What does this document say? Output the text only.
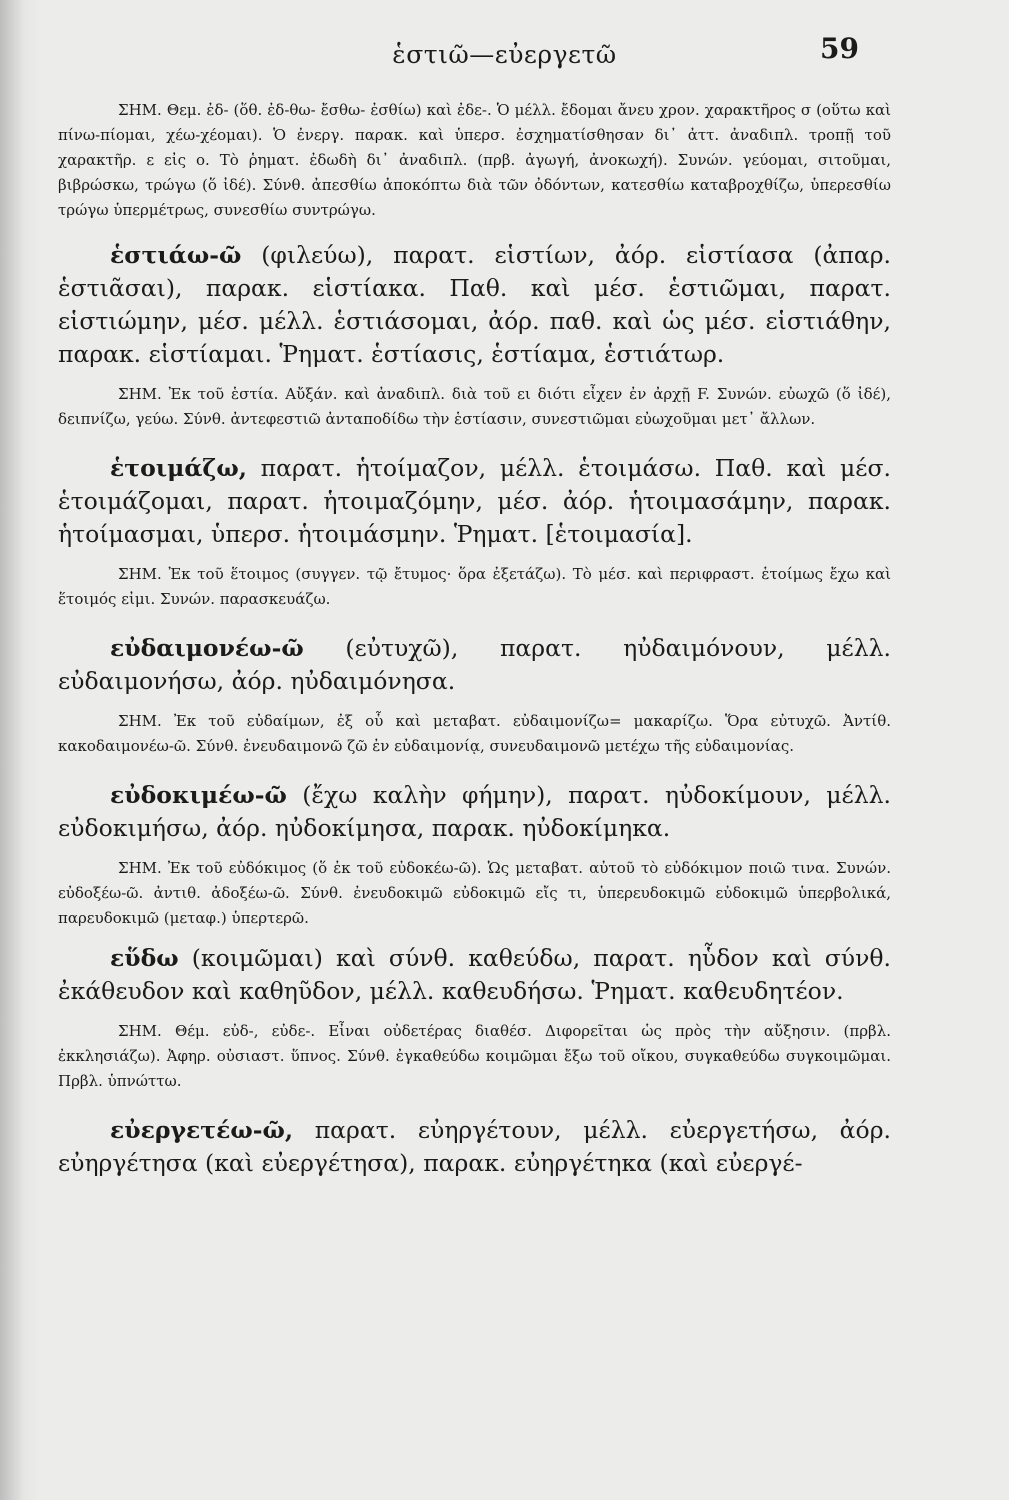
ἑστιῶ—εὐεργετῶ	59

ΣΗΜ. Θεμ. ἐδ- (ὅθ. ἐδ-θω- ἔσθω- ἐσθίω) καὶ ἐδε-. Ὁ μέλλ. ἔδομαι ἄνευ χρον. χαρακτῆρος σ (οὕτω καὶ πίνω-πίομαι, χέω-χέομαι). Ὁ ἐνεργ. παρακ. καὶ ὑπερσ. ἐσχηματίσθησαν δι᾽ ἀττ. ἀναδιπλ. τροπῇ τοῦ χαρακτῆρ. ε εἰς ο. Τὸ ῥηματ. ἐδωδὴ δι᾽ ἀναδιπλ. (πρβ. ἀγωγή, ἀνοκωχή). Συνών. γεύομαι, σιτοῦμαι, βιβρώσκω, τρώγω (ὅ ἰδέ). Σύνθ. ἀπεσθίω ἀποκόπτω διὰ τῶν ὀδόντων, κατεσθίω καταβροχθίζω, ὑπερεσθίω τρώγω ὑπερμέτρως, συνεσθίω συντρώγω.

ἑστιάω-ῶ (φιλεύω), παρατ. εἱστίων, ἀόρ. εἱστίασα (ἀπαρ. ἑστιᾶσαι), παρακ. εἱστίακα. Παθ. καὶ μέσ. ἑστιῶμαι, παρατ. εἱστιώμην, μέσ. μέλλ. ἑστιάσομαι, ἀόρ. παθ. καὶ ὡς μέσ. εἱστιάθην, παρακ. εἱστίαμαι. Ῥηματ. ἑστίασις, ἑστίαμα, ἑστιάτωρ.

ΣΗΜ. Ἐκ τοῦ ἑστία. Αὔξάν. καὶ ἀναδιπλ. διὰ τοῦ ει διότι εἶχεν ἐν ἀρχῇ F. Συνών. εὐωχῶ (ὅ ἰδέ), δειπνίζω, γεύω. Σύνθ. ἀντεφεστιῶ ἀνταποδίδω τὴν ἑστίασιν, συνεστιῶμαι εὐωχοῦμαι μετ᾽ ἄλλων.

ἑτοιμάζω, παρατ. ἡτοίμαζον, μέλλ. ἑτοιμάσω. Παθ. καὶ μέσ. ἑτοιμάζομαι, παρατ. ἡτοιμαζόμην, μέσ. ἀόρ. ἡτοιμασάμην, παρακ. ἡτοίμασμαι, ὑπερσ. ἡτοιμάσμην. Ῥηματ. [ἑτοιμασία].

ΣΗΜ. Ἐκ τοῦ ἕτοιμος (συγγεν. τῷ ἔτυμος· ὅρα ἐξετάζω). Τὸ μέσ. καὶ περιφραστ. ἑτοίμως ἔχω καὶ ἕτοιμός εἰμι. Συνών. παρασκευάζω.

εὐδαιμονέω-ῶ (εὐτυχῶ), παρατ. ηὐδαιμόνουν, μέλλ. εὐδαιμονήσω, ἀόρ. ηὐδαιμόνησα.

ΣΗΜ. Ἐκ τοῦ εὐδαίμων, ἐξ οὗ καὶ μεταβατ. εὐδαιμονίζω= μακαρίζω. Ὅρα εὐτυχῶ. Ἀντίθ. κακοδαιμονέω-ῶ. Σύνθ. ἐνευδαιμονῶ ζῶ ἐν εὐδαιμονίᾳ, συνευδαιμονῶ μετέχω τῆς εὐδαιμονίας.

εὐδοκιμέω-ῶ (ἔχω καλὴν φήμην), παρατ. ηὐδοκίμουν, μέλλ. εὐδοκιμήσω, ἀόρ. ηὐδοκίμησα, παρακ. ηὐδοκίμηκα.

ΣΗΜ. Ἐκ τοῦ εὐδόκιμος (ὅ ἐκ τοῦ εὐδοκέω-ῶ). Ὡς μεταβατ. αὐτοῦ τὸ εὐδόκιμον ποιῶ τινα. Συνών. εὐδοξέω-ῶ. ἀντιθ. ἀδοξέω-ῶ. Σύνθ. ἐνευδοκιμῶ εὐδοκιμῶ εἴς τι, ὑπερευδοκιμῶ εὐδοκιμῶ ὑπερβολικά, παρευδοκιμῶ (μεταφ.) ὑπερτερῶ.

εὕδω (κοιμῶμαι) καὶ σύνθ. καθεύδω, παρατ. ηὗδον καὶ σύνθ. ἐκάθευδον καὶ καθηῦδον, μέλλ. καθευδήσω. Ῥηματ. καθευδητέον.

ΣΗΜ. Θέμ. εὐδ-, εὐδε-. Εἶναι οὐδετέρας διαθέσ. Διφορεῖται ὡς πρὸς τὴν αὔξησιν. (πρβλ. ἐκκλησιάζω). Ἀφηρ. οὐσιαστ. ὕπνος. Σύνθ. ἐγκαθεύδω κοιμῶμαι ἔξω τοῦ οἴκου, συγκαθεύδω συγκοιμῶμαι. Πρβλ. ὑπνώττω.

εὐεργετέω-ῶ, παρατ. εὐηργέτουν, μέλλ. εὐεργετήσω, ἀόρ. εὐηργέτησα (καὶ εὐεργέτησα), παρακ. εὐηργέτηκα (καὶ εὐεργέ-
